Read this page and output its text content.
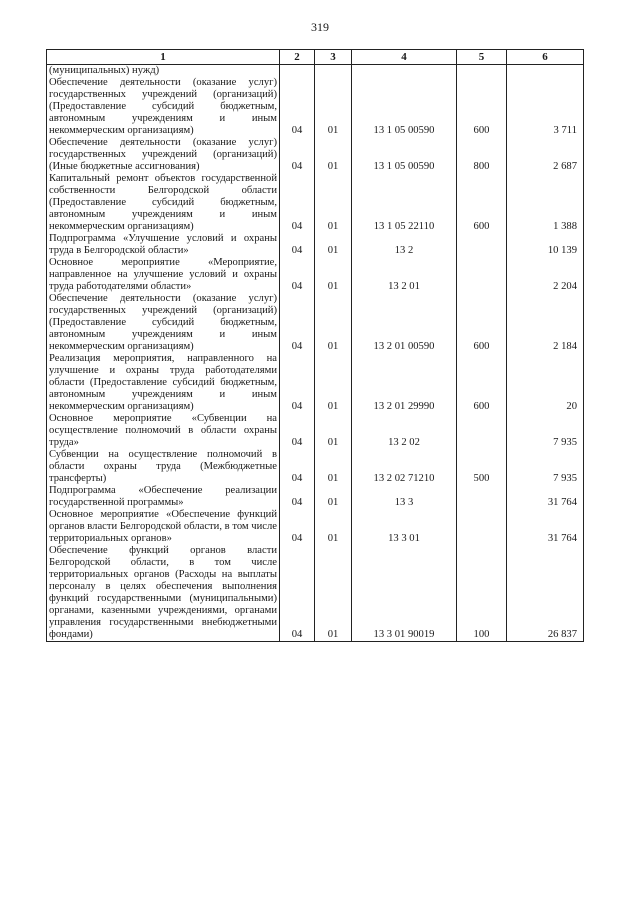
319
1	2	3	4	5	6
(муниципальных) нужд)					
Обеспечение деятельности (оказание услуг) государственных учреждений (организаций) (Предоставление субсидий бюджетным, автономным учреждениям и иным некоммерческим организациям)	04	01	13 1 05 00590	600	3 711
Обеспечение деятельности (оказание услуг) государственных учреждений (организаций) (Иные бюджетные ассигнования)	04	01	13 1 05 00590	800	2 687
Капитальный ремонт объектов государственной собственности Белгородской области (Предоставление субсидий бюджетным, автономным учреждениям и иным некоммерческим организациям)	04	01	13 1 05 22110	600	1 388
Подпрограмма «Улучшение условий и охраны труда в Белгородской области»	04	01	13 2		10 139
Основное мероприятие «Мероприятие, направленное на улучшение условий и охраны труда работодателями области»	04	01	13 2 01		2 204
Обеспечение деятельности (оказание услуг) государственных учреждений (организаций) (Предоставление субсидий бюджетным, автономным учреждениям и иным некоммерческим организациям)	04	01	13 2 01 00590	600	2 184
Реализация мероприятия, направленного на улучшение и охраны труда работодателями области (Предоставление субсидий бюджетным, автономным учреждениям и иным некоммерческим организациям)	04	01	13 2 01 29990	600	20
Основное мероприятие «Субвенции на осуществление полномочий в области охраны труда»	04	01	13 2 02		7 935
Субвенции на осуществление полномочий в области охраны труда (Межбюджетные трансферты)	04	01	13 2 02 71210	500	7 935
Подпрограмма «Обеспечение реализации государственной программы»	04	01	13 3		31 764
Основное мероприятие «Обеспечение функций органов власти Белгородской области, в том числе территориальных органов»	04	01	13 3 01		31 764
Обеспечение функций органов власти Белгородской области, в том числе территориальных органов (Расходы на выплаты персоналу в целях обеспечения выполнения функций государственными (муниципальными) органами, казенными учреждениями, органами управления государственными внебюджетными фондами)	04	01	13 3 01 90019	100	26 837
